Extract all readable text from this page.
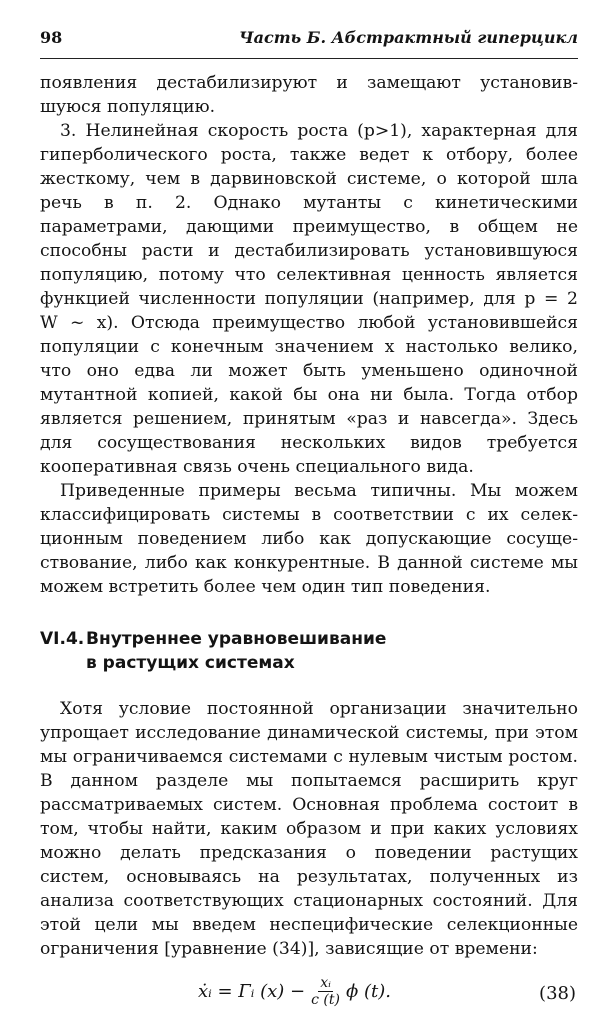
98	Часть Б. Абстрактный гиперцикл

появления дестабилизируют и замещают установившуюся популяцию.

3. Нелинейная скорость роста (p>1), характерная для гиперболического роста, также ведет к отбору, более жесткому, чем в дарвиновской системе, о которой шла речь в п. 2. Однако мутанты с кинетическими параметрами, дающими преимущество, в общем не способны расти и дестабилизировать установившуюся популяцию, потому что селективная ценность является функцией численности популяции (например, для p = 2 W ~ x). Отсюда преимущество любой установившейся популяции с конечным значением x настолько велико, что оно едва ли может быть уменьшено одиночной мутантной копией, какой бы она ни была. Тогда отбор является решением, принятым «раз и навсегда». Здесь для сосуществования нескольких видов требуется кооперативная связь очень специального вида.

Приведенные примеры весьма типичны. Мы можем классифицировать системы в соответствии с их селекционным поведением либо как допускающие сосуществование, либо как конкурентные. В данной системе мы можем встретить более чем один тип поведения.

VI.4. Внутреннее уравновешивание
в растущих системах

Хотя условие постоянной организации значительно упрощает исследование динамической системы, при этом мы ограничиваемся системами с нулевым чистым ростом. В данном разделе мы попытаемся расширить круг рассматриваемых систем. Основная проблема состоит в том, чтобы найти, каким образом и при каких условиях можно делать предсказания о поведении растущих систем, основываясь на результатах, полученных из анализа соответствующих стационарных состояний. Для этой цели мы введем неспецифические селекционные ограничения [уравнение (34)], зависящие от времени:

ẋᵢ = Γᵢ $(x) - \frac{\text{xᵢ}}{c (t)}$ ϕ (t).	(38)
